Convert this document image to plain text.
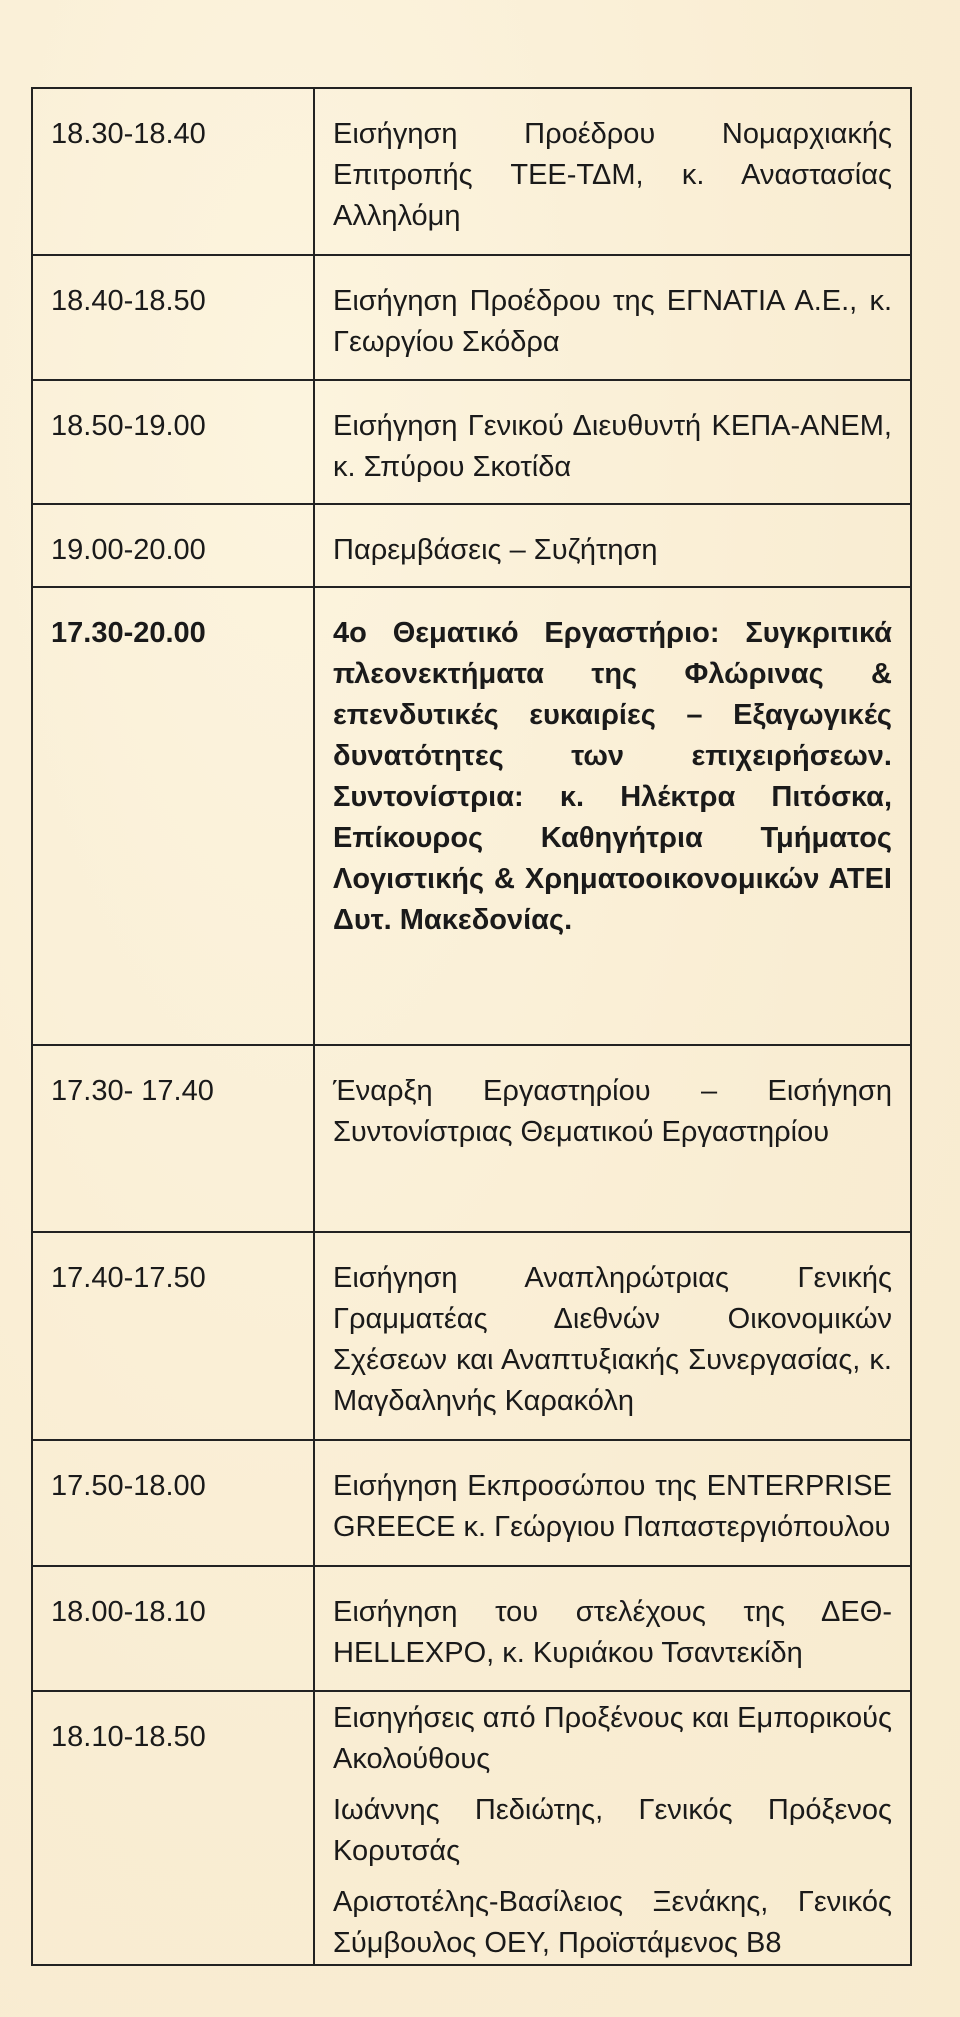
18.30-18.40	Εισήγηση Προέδρου Νομαρχιακής Επιτροπής ΤΕΕ-ΤΔΜ, κ. Αναστασίας Αλληλόμη

18.40-18.50	Εισήγηση Προέδρου της ΕΓΝΑΤΙΑ Α.Ε., κ. Γεωργίου Σκόδρα

18.50-19.00	Εισήγηση Γενικού Διευθυντή ΚΕΠΑ-ΑΝΕΜ, κ. Σπύρου Σκοτίδα

19.00-20.00	Παρεμβάσεις – Συζήτηση

17.30-20.00	4ο Θεματικό Εργαστήριο: Συγκριτικά πλεονεκτήματα της Φλώρινας & επενδυτικές ευκαιρίες – Εξαγωγικές δυνατότητες των επιχειρήσεων. Συντονίστρια: κ. Ηλέκτρα Πιτόσκα, Επίκουρος Καθηγήτρια Τμήματος Λογιστικής & Χρηματοοικονομικών ΑΤΕΙ Δυτ. Μακεδονίας.

17.30- 17.40	Έναρξη Εργαστηρίου – Εισήγηση Συντονίστριας Θεματικού Εργαστηρίου

17.40-17.50	Εισήγηση Αναπληρώτριας Γενικής Γραμματέας Διεθνών Οικονομικών Σχέσεων και Αναπτυξιακής Συνεργασίας, κ. Μαγδαληνής Καρακόλη

17.50-18.00	Εισήγηση Εκπροσώπου της ENTERPRISE GREECE κ. Γεώργιου Παπαστεργιόπουλου

18.00-18.10	Εισήγηση του στελέχους της ΔΕΘ-HELLEXPO, κ. Κυριάκου Τσαντεκίδη

18.10-18.50	Εισηγήσεις από Προξένους και Εμπορικούς Ακολούθους

Ιωάννης Πεδιώτης, Γενικός Πρόξενος Κορυτσάς

Αριστοτέλης-Βασίλειος Ξενάκης, Γενικός Σύμβουλος ΟΕΥ, Προϊστάμενος Β8
